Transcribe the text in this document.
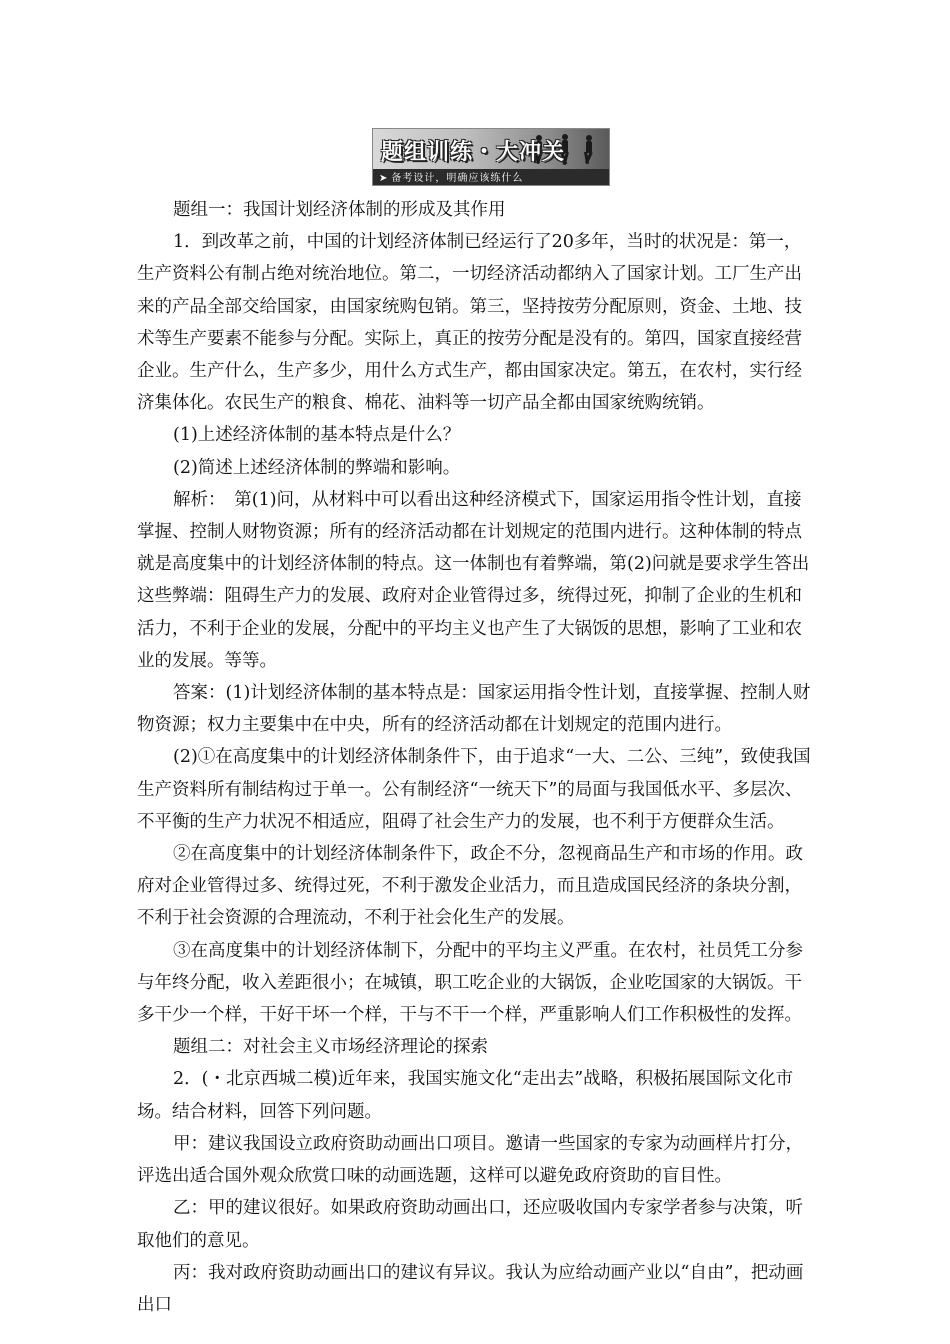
题组训练・大冲关
➤ 备考设计，明确应该练什么

题组一：我国计划经济体制的形成及其作用

1．到改革之前，中国的计划经济体制已经运行了20多年，当时的状况是：第一，生产资料公有制占绝对统治地位。第二，一切经济活动都纳入了国家计划。工厂生产出来的产品全部交给国家，由国家统购包销。第三，坚持按劳分配原则，资金、土地、技术等生产要素不能参与分配。实际上，真正的按劳分配是没有的。第四，国家直接经营企业。生产什么，生产多少，用什么方式生产，都由国家决定。第五，在农村，实行经济集体化。农民生产的粮食、棉花、油料等一切产品全都由国家统购统销。

(1)上述经济体制的基本特点是什么？

(2)简述上述经济体制的弊端和影响。

解析：　第(1)问，从材料中可以看出这种经济模式下，国家运用指令性计划，直接掌握、控制人财物资源；所有的经济活动都在计划规定的范围内进行。这种体制的特点就是高度集中的计划经济体制的特点。这一体制也有着弊端，第(2)问就是要求学生答出这些弊端：阻碍生产力的发展、政府对企业管得过多，统得过死，抑制了企业的生机和活力，不利于企业的发展，分配中的平均主义也产生了大锅饭的思想，影响了工业和农业的发展。等等。

答案：(1)计划经济体制的基本特点是：国家运用指令性计划，直接掌握、控制人财物资源；权力主要集中在中央，所有的经济活动都在计划规定的范围内进行。

(2)①在高度集中的计划经济体制条件下，由于追求“一大、二公、三纯”，致使我国生产资料所有制结构过于单一。公有制经济“一统天下”的局面与我国低水平、多层次、不平衡的生产力状况不相适应，阻碍了社会生产力的发展，也不利于方便群众生活。

②在高度集中的计划经济体制条件下，政企不分，忽视商品生产和市场的作用。政府对企业管得过多、统得过死，不利于激发企业活力，而且造成国民经济的条块分割，不利于社会资源的合理流动，不利于社会化生产的发展。

③在高度集中的计划经济体制下，分配中的平均主义严重。在农村，社员凭工分参与年终分配，收入差距很小；在城镇，职工吃企业的大锅饭，企业吃国家的大锅饭。干多干少一个样，干好干坏一个样，干与不干一个样，严重影响人们工作积极性的发挥。

题组二：对社会主义市场经济理论的探索

2．(・北京西城二模)近年来，我国实施文化“走出去”战略，积极拓展国际文化市场。结合材料，回答下列问题。

甲：建议我国设立政府资助动画出口项目。邀请一些国家的专家为动画样片打分，评选出适合国外观众欣赏口味的动画选题，这样可以避免政府资助的盲目性。

乙：甲的建议很好。如果政府资助动画出口，还应吸收国内专家学者参与决策，听取他们的意见。

丙：我对政府资助动画出口的建议有异议。我认为应给动画产业以“自由”，把动画出口
